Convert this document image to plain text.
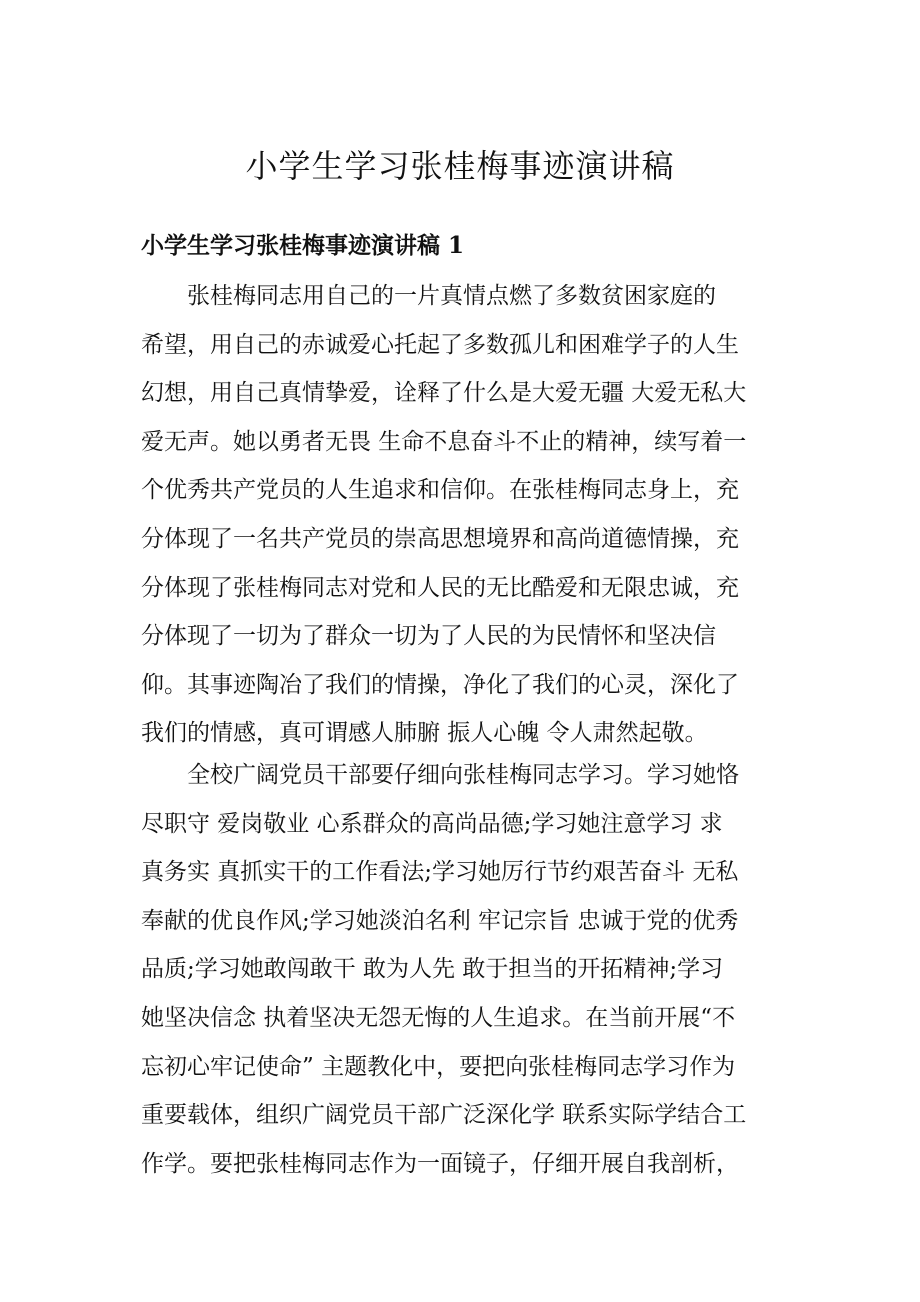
小学生学习张桂梅事迹演讲稿
小学生学习张桂梅事迹演讲稿 1

张桂梅同志用自己的一片真情点燃了多数贫困家庭的
希望，用自己的赤诚爱心托起了多数孤儿和困难学子的人生
幻想，用自己真情挚爱，诠释了什么是大爱无疆 大爱无私大
爱无声。她以勇者无畏 生命不息奋斗不止的精神，续写着一
个优秀共产党员的人生追求和信仰。在张桂梅同志身上，充
分体现了一名共产党员的崇高思想境界和高尚道德情操，充
分体现了张桂梅同志对党和人民的无比酷爱和无限忠诚，充
分体现了一切为了群众一切为了人民的为民情怀和坚决信
仰。其事迹陶冶了我们的情操，净化了我们的心灵，深化了
我们的情感，真可谓感人肺腑 振人心魄 令人肃然起敬。

全校广阔党员干部要仔细向张桂梅同志学习。学习她恪
尽职守 爱岗敬业 心系群众的高尚品德;学习她注意学习 求
真务实 真抓实干的工作看法;学习她厉行节约艰苦奋斗 无私
奉献的优良作风;学习她淡泊名利 牢记宗旨 忠诚于党的优秀
品质;学习她敢闯敢干 敢为人先 敢于担当的开拓精神;学习
她坚决信念 执着坚决无怨无悔的人生追求。在当前开展“不
忘初心牢记使命” 主题教化中，要把向张桂梅同志学习作为
重要载体，组织广阔党员干部广泛深化学 联系实际学结合工
作学。要把张桂梅同志作为一面镜子，仔细开展自我剖析，
